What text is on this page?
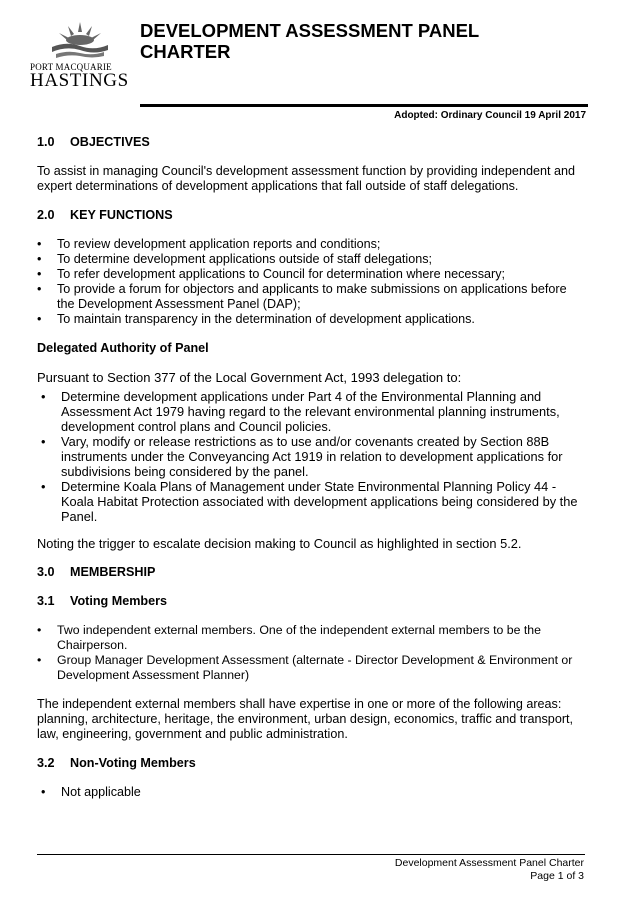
PORT MACQUARIE
HASTINGS
DEVELOPMENT ASSESSMENT PANEL
CHARTER
Adopted: Ordinary Council 19 April 2017
1.0 OBJECTIVES

To assist in managing Council's development assessment function by providing independent and expert determinations of development applications that fall outside of staff delegations.

2.0 KEY FUNCTIONS
• To review development application reports and conditions;
• To determine development applications outside of staff delegations;
• To refer development applications to Council for determination where necessary;
• To provide a forum for objectors and applicants to make submissions on applications before the Development Assessment Panel (DAP);
• To maintain transparency in the determination of development applications.
Delegated Authority of Panel

Pursuant to Section 377 of the Local Government Act, 1993 delegation to:

• Determine development applications under Part 4 of the Environmental Planning and Assessment Act 1979 having regard to the relevant environmental planning instruments, development control plans and Council policies.
• Vary, modify or release restrictions as to use and/or covenants created by Section 88B instruments under the Conveyancing Act 1919 in relation to development applications for subdivisions being considered by the panel.
• Determine Koala Plans of Management under State Environmental Planning Policy 44 - Koala Habitat Protection associated with development applications being considered by the Panel.

Noting the trigger to escalate decision making to Council as highlighted in section 5.2.

3.0 MEMBERSHIP
3.1 Voting Members
• Two independent external members. One of the independent external members to be the Chairperson.
• Group Manager Development Assessment (alternate - Director Development & Environment or Development Assessment Planner)

The independent external members shall have expertise in one or more of the following areas: planning, architecture, heritage, the environment, urban design, economics, traffic and transport, law, engineering, government and public administration.

3.2 Non-Voting Members
• Not applicable
Development Assessment Panel Charter
Page 1 of 3
